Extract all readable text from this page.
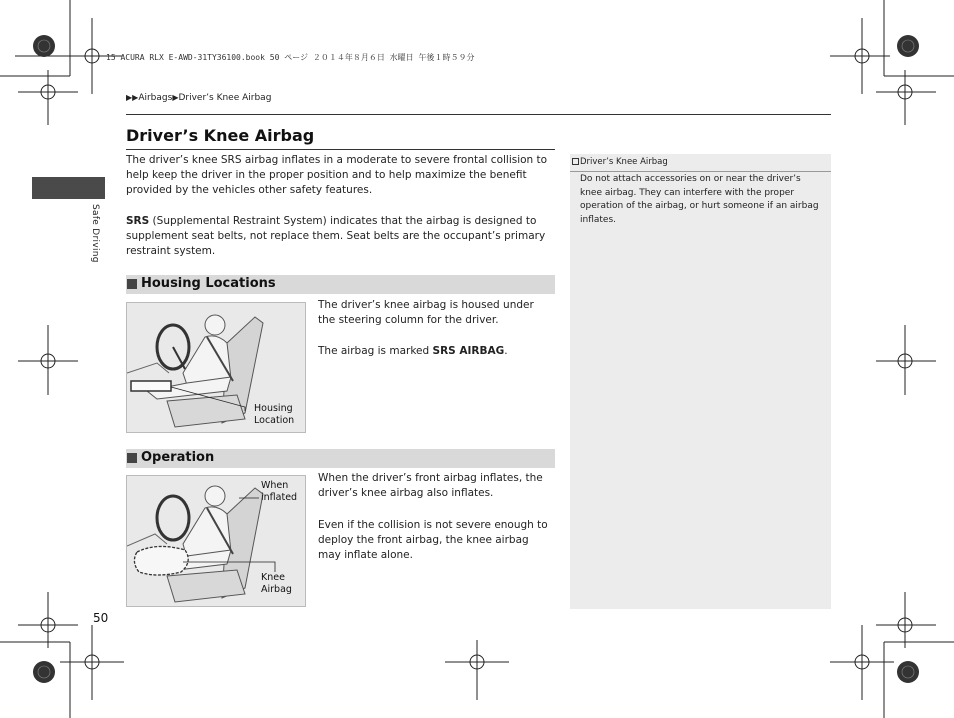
15 ACURA RLX E-AWD-31TY36100.book 50 ページ ２０１４年８月６日 水曜日 午後１時５９分
▶▶Airbags▶Driver’s Knee Airbag
Safe Driving
Driver’s Knee Airbag
The driver’s knee SRS airbag inflates in a moderate to severe frontal collision to help keep the driver in the proper position and to help maximize the benefit provided by the vehicles other safety features.
SRS (Supplemental Restraint System) indicates that the airbag is designed to supplement seat belts, not replace them. Seat belts are the occupant’s primary restraint system.
Housing Locations
Housing
Location
The driver’s knee airbag is housed under the steering column for the driver.
The airbag is marked SRS AIRBAG.
Operation
When
inflated
Knee
Airbag
When the driver’s front airbag inflates, the driver’s knee airbag also inflates.
Even if the collision is not severe enough to deploy the front airbag, the knee airbag may inflate alone.
Driver’s Knee Airbag
Do not attach accessories on or near the driver’s knee airbag. They can interfere with the proper operation of the airbag, or hurt someone if an airbag inflates.
50
